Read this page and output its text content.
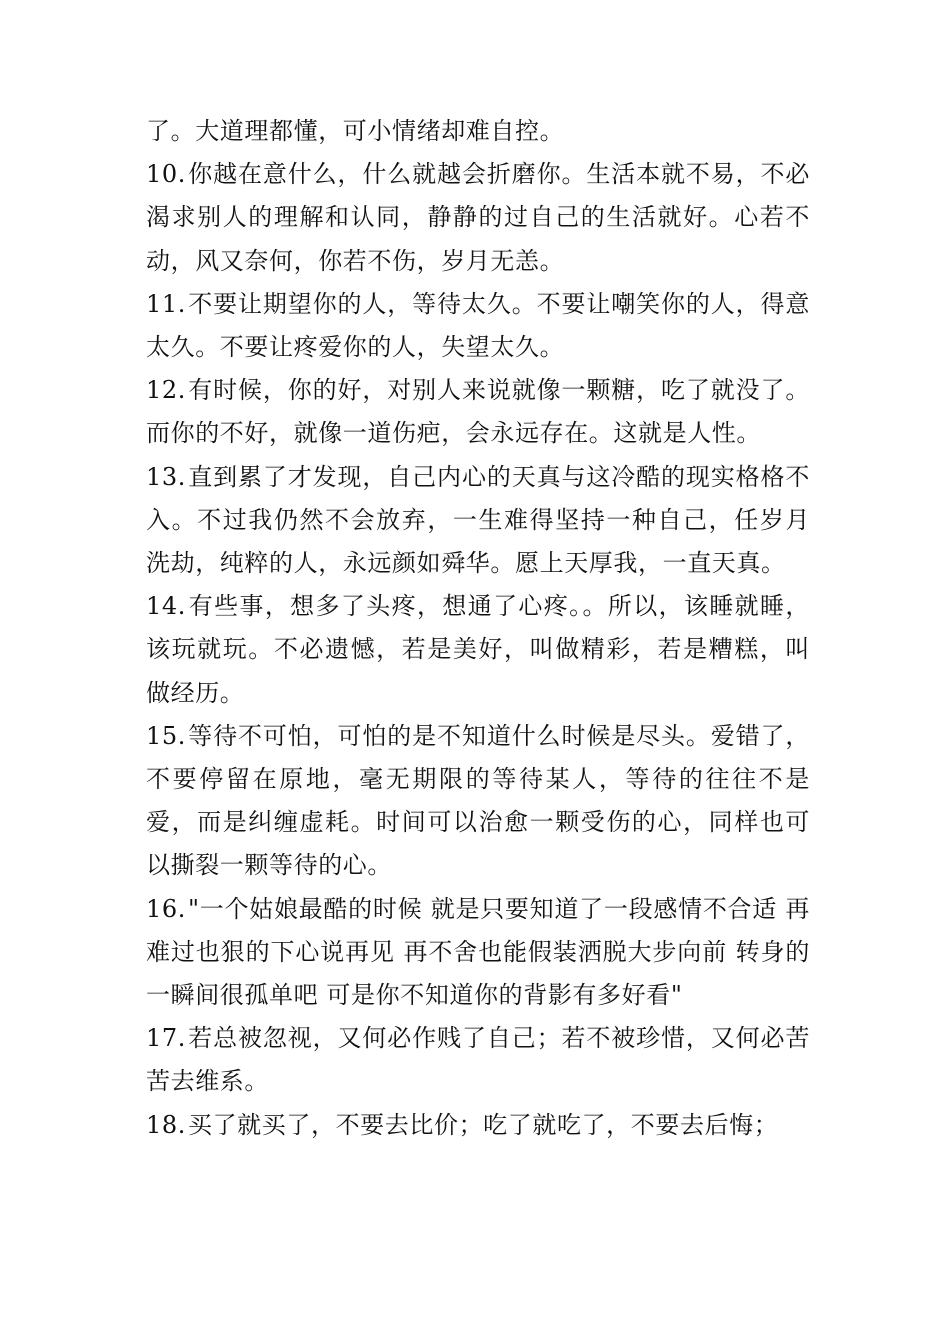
了。大道理都懂，可小情绪却难自控。

10.你越在意什么，什么就越会折磨你。生活本就不易，不必渴求别人的理解和认同，静静的过自己的生活就好。心若不动，风又奈何，你若不伤，岁月无恙。

11.不要让期望你的人，等待太久。不要让嘲笑你的人，得意太久。不要让疼爱你的人，失望太久。

12.有时候，你的好，对别人来说就像一颗糖，吃了就没了。而你的不好，就像一道伤疤，会永远存在。这就是人性。

13.直到累了才发现，自己内心的天真与这冷酷的现实格格不入。不过我仍然不会放弃，一生难得坚持一种自己，任岁月洗劫，纯粹的人，永远颜如舜华。愿上天厚我，一直天真。

14.有些事，想多了头疼，想通了心疼。。所以，该睡就睡，该玩就玩。不必遗憾，若是美好，叫做精彩，若是糟糕，叫做经历。

15.等待不可怕，可怕的是不知道什么时候是尽头。爱错了，不要停留在原地，毫无期限的等待某人，等待的往往不是爱，而是纠缠虚耗。时间可以治愈一颗受伤的心，同样也可以撕裂一颗等待的心。

16."一个姑娘最酷的时候 就是只要知道了一段感情不合适 再难过也狠的下心说再见 再不舍也能假装洒脱大步向前 转身的一瞬间很孤单吧 可是你不知道你的背影有多好看"

17.若总被忽视，又何必作贱了自己；若不被珍惜，又何必苦苦去维系。

18.买了就买了，不要去比价；吃了就吃了，不要去后悔；
